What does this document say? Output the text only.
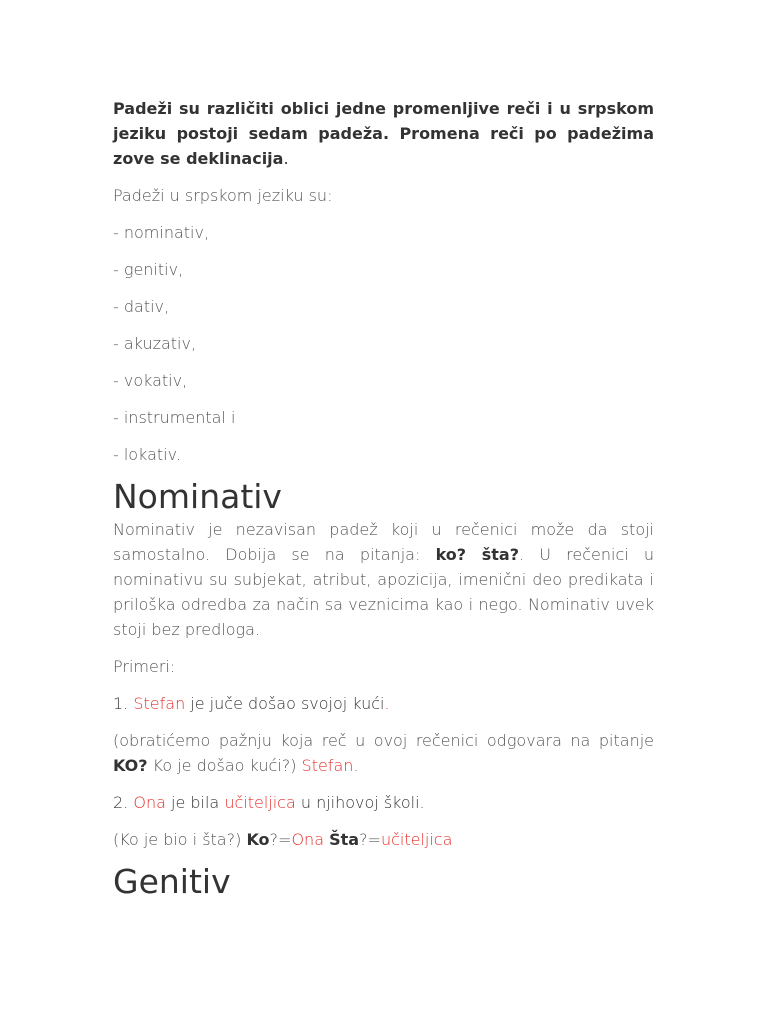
Padeži su različiti oblici jedne promenljive reči i u srpskom jeziku postoji sedam padeža. Promena reči po padežima zove se deklinacija.

Padeži u srpskom jeziku su:

- nominativ,

- genitiv,

- dativ,

- akuzativ,

- vokativ,

- instrumental i

- lokativ.

Nominativ

Nominativ je nezavisan padež koji u rečenici može da stoji samostalno. Dobija se na pitanja: ko? šta?. U rečenici u nominativu su subjekat, atribut, apozicija, imenični deo predikata i priloška odredba za način sa veznicima kao i nego. Nominativ uvek stoji bez predloga.

Primeri:

1. Stefan je juče došao svojoj kući.

(obratićemo pažnju koja reč u ovoj rečenici odgovara na pitanje KO? Ko je došao kući?) Stefan.

2. Ona je bila učiteljica u njihovoj školi.

(Ko je bio i šta?) Ko?=Ona Šta?=učiteljica

Genitiv
